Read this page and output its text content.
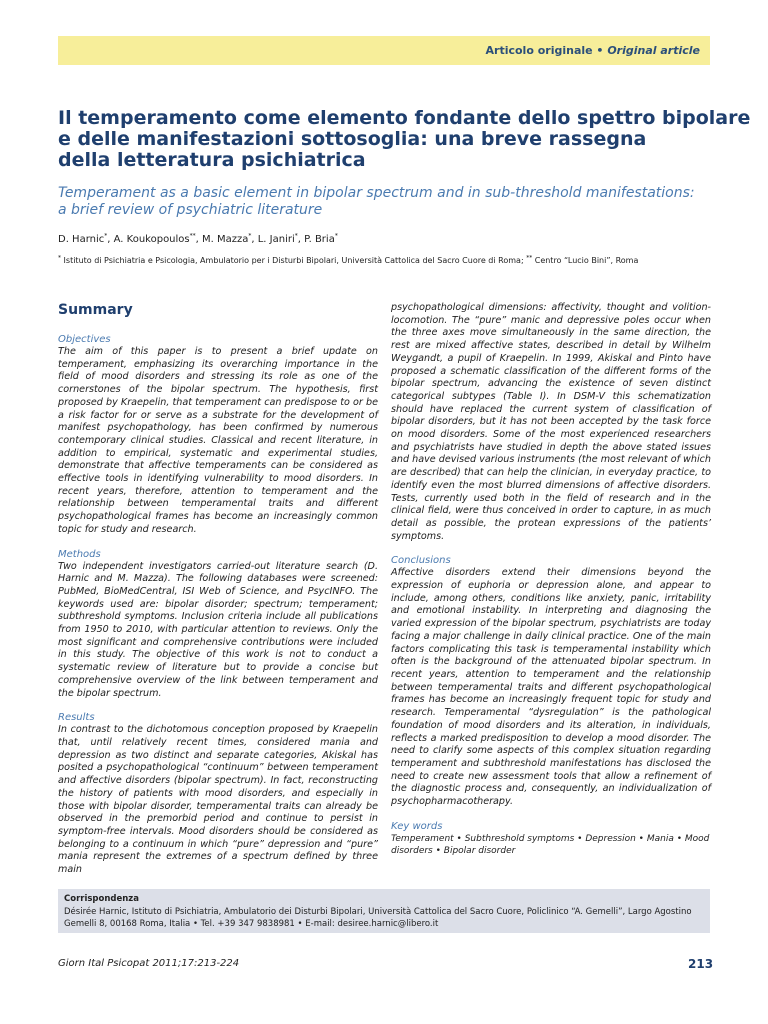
Articolo originale • Original article
Il temperamento come elemento fondante dello spettro bipolare
e delle manifestazioni sottosoglia: una breve rassegna
della letteratura psichiatrica
Temperament as a basic element in bipolar spectrum and in sub-threshold manifestations:
a brief review of psychiatric literature
D. Harnic*, A. Koukopoulos**, M. Mazza*, L. Janiri*, P. Bria*
* Istituto di Psichiatria e Psicologia, Ambulatorio per i Disturbi Bipolari, Università Cattolica del Sacro Cuore di Roma; ** Centro “Lucio Bini”, Roma
Summary
Objectives

The aim of this paper is to present a brief update on temperament, emphasizing its overarching importance in the field of mood disorders and stressing its role as one of the cornerstones of the bipolar spectrum. The hypothesis, first proposed by Kraepelin, that temperament can predispose to or be a risk factor for or serve as a substrate for the development of manifest psychopathology, has been confirmed by numerous contemporary clinical studies. Classical and recent literature, in addition to empirical, systematic and experimental studies, demonstrate that affective temperaments can be considered as effective tools in identifying vulnerability to mood disorders. In recent years, therefore, attention to temperament and the relationship between temperamental traits and different psychopathological frames has become an increasingly common topic for study and research.

Methods

Two independent investigators carried-out literature search (D. Harnic and M. Mazza). The following databases were screened: PubMed, BioMedCentral, ISI Web of Science, and PsycINFO. The keywords used are: bipolar disorder; spectrum; temperament; subthreshold symptoms. Inclusion criteria include all publications from 1950 to 2010, with particular attention to reviews. Only the most significant and comprehensive contributions were included in this study. The objective of this work is not to conduct a systematic review of literature but to provide a concise but comprehensive overview of the link between temperament and the bipolar spectrum.

Results

In contrast to the dichotomous conception proposed by Kraepelin that, until relatively recent times, considered mania and depression as two distinct and separate categories, Akiskal has posited a psychopathological “continuum” between temperament and affective disorders (bipolar spectrum). In fact, reconstructing the history of patients with mood disorders, and especially in those with bipolar disorder, temperamental traits can already be observed in the premorbid period and continue to persist in symptom-free intervals. Mood disorders should be considered as belonging to a continuum in which “pure” depression and “pure” mania represent the extremes of a spectrum defined by three main

psychopathological dimensions: affectivity, thought and volition-locomotion. The “pure” manic and depressive poles occur when the three axes move simultaneously in the same direction, the rest are mixed affective states, described in detail by Wilhelm Weygandt, a pupil of Kraepelin. In 1999, Akiskal and Pinto have proposed a schematic classification of the different forms of the bipolar spectrum, advancing the existence of seven distinct categorical subtypes (Table I). In DSM-V this schematization should have replaced the current system of classification of bipolar disorders, but it has not been accepted by the task force on mood disorders. Some of the most experienced researchers and psychiatrists have studied in depth the above stated issues and have devised various instruments (the most relevant of which are described) that can help the clinician, in everyday practice, to identify even the most blurred dimensions of affective disorders. Tests, currently used both in the field of research and in the clinical field, were thus conceived in order to capture, in as much detail as possible, the protean expressions of the patients’ symptoms.

Conclusions

Affective disorders extend their dimensions beyond the expression of euphoria or depression alone, and appear to include, among others, conditions like anxiety, panic, irritability and emotional instability. In interpreting and diagnosing the varied expression of the bipolar spectrum, psychiatrists are today facing a major challenge in daily clinical practice. One of the main factors complicating this task is temperamental instability which often is the background of the attenuated bipolar spectrum. In recent years, attention to temperament and the relationship between temperamental traits and different psychopathological frames has become an increasingly frequent topic for study and research. Temperamental “dysregulation” is the pathological foundation of mood disorders and its alteration, in individuals, reflects a marked predisposition to develop a mood disorder. The need to clarify some aspects of this complex situation regarding temperament and subthreshold manifestations has disclosed the need to create new assessment tools that allow a refinement of the diagnostic process and, consequently, an individualization of psychopharmacotherapy.

Key words

Temperament • Subthreshold symptoms • Depression • Mania • Mood disorders • Bipolar disorder

Corrispondenza
Désirée Harnic, Istituto di Psichiatria, Ambulatorio dei Disturbi Bipolari, Università Cattolica del Sacro Cuore, Policlinico “A. Gemelli”, Largo Agostino Gemelli 8, 00168 Roma, Italia • Tel. +39 347 9838981 • E-mail: desiree.harnic@libero.it
Giorn Ital Psicopat 2011;17:213-224	213
